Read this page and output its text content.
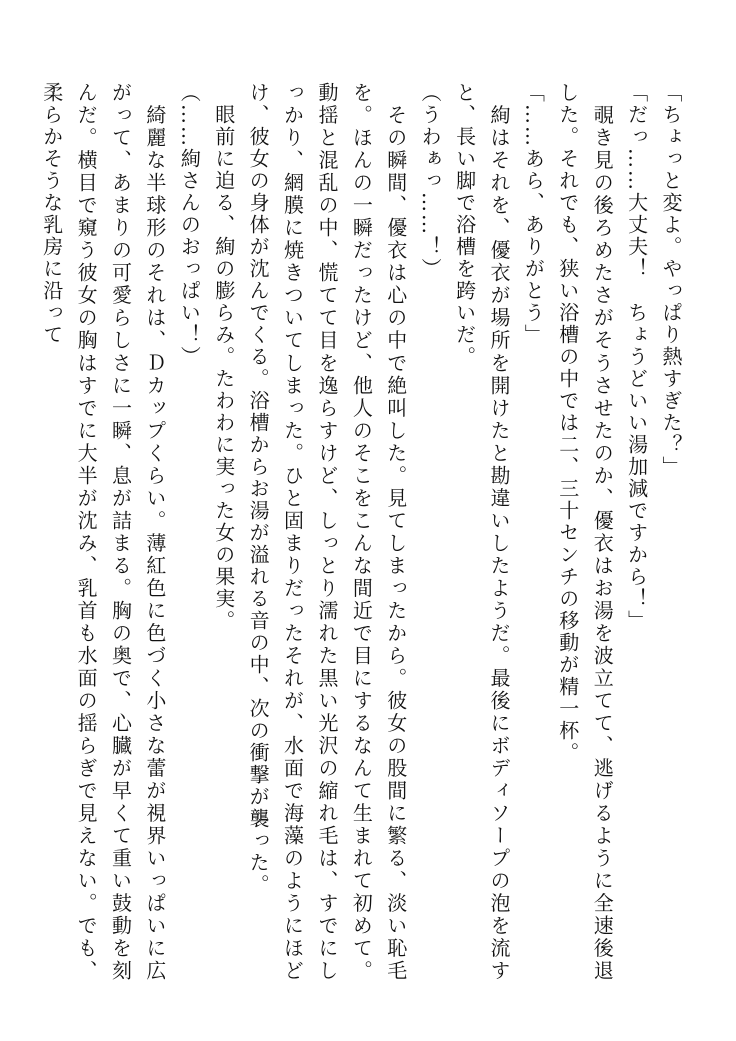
「ちょっと変よ。やっぱり熱すぎた？」

「だっ……大丈夫！　ちょうどいい湯加減ですから！」

　覗き見の後ろめたさがそうさせたのか、優衣はお湯を波立てて、逃げるように全速後退した。それでも、狭い浴槽の中では二、三十センチの移動が精一杯。

「……あら、ありがとう」

　絢はそれを、優衣が場所を開けたと勘違いしたようだ。最後にボディソープの泡を流すと、長い脚で浴槽を跨いだ。

（うわぁっ……！）

　その瞬間、優衣は心の中で絶叫した。見てしまったから。彼女の股間に繁る、淡い恥毛を。ほんの一瞬だったけど、他人のそこをこんな間近で目にするなんて生まれて初めて。動揺と混乱の中、慌てて目を逸らすけど、しっとり濡れた黒い光沢の縮れ毛は、すでにしっかり、網膜に焼きついてしまった。ひと固まりだったそれが、水面で海藻のようにほどけ、彼女の身体が沈んでくる。浴槽からお湯が溢れる音の中、次の衝撃が襲った。

　眼前に迫る、絢の膨らみ。たわわに実った女の果実。

（……絢さんのおっぱい！）

　綺麗な半球形のそれは、Ｄカップくらい。薄紅色に色づく小さな蕾が視界いっぱいに広がって、あまりの可愛らしさに一瞬、息が詰まる。胸の奥で、心臓が早くて重い鼓動を刻んだ。横目で窺う彼女の胸はすでに大半が沈み、乳首も水面の揺らぎで見えない。でも、柔らかそうな乳房に沿って
